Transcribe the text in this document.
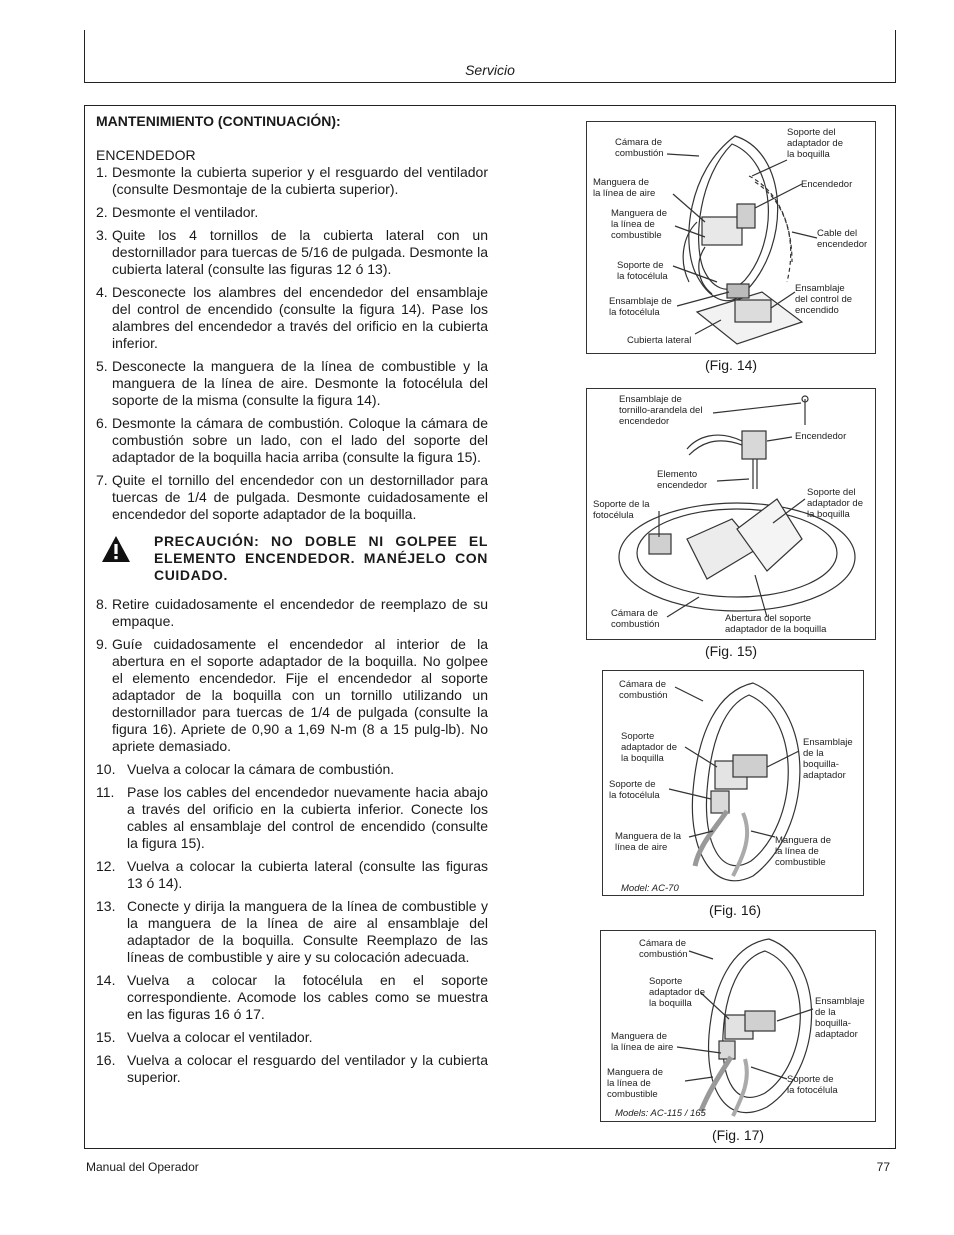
Servicio

MANTENIMIENTO (CONTINUACIÓN):

ENCENDEDOR

1. Desmonte la cubierta superior y el resguardo del ventilador (consulte Desmontaje de la cubierta superior).
2. Desmonte el ventilador.
3. Quite los 4 tornillos de la cubierta lateral con un destornillador para tuercas de 5/16 de pulgada. Desmonte la cubierta lateral (consulte las figuras 12 ó 13).
4. Desconecte los alambres del encendedor del ensamblaje del control de encendido (consulte la figura 14). Pase los alambres del encendedor a través del orificio en la cubierta inferior.
5. Desconecte la manguera de la línea de combustible y la manguera de la línea de aire. Desmonte la fotocélula del soporte de la misma (consulte la figura 14).
6. Desmonte la cámara de combustión. Coloque la cámara de combustión sobre un lado, con el lado del soporte del adaptador de la boquilla hacia arriba (consulte la figura 15).
7. Quite el tornillo del encendedor con un destornillador para tuercas de 1/4 de pulgada. Desmonte cuidadosamente el encendedor del soporte adaptador de la boquilla.
PRECAUCIÓN: NO DOBLE NI GOLPEE EL ELEMENTO ENCENDEDOR. MANÉJELO CON CUIDADO.
8. Retire cuidadosamente el encendedor de reemplazo de su empaque.
9. Guíe cuidadosamente el encendedor al interior de la abertura en el soporte adaptador de la boquilla. No golpee el elemento encendedor. Fije el encendedor al soporte adaptador de la boquilla con un tornillo utilizando un destornillador para tuercas de 1/4 de pulgada (consulte la figura 16). Apriete de 0,90 a 1,69 N-m (8 a 15 pulg-lb). No apriete demasiado.
10. Vuelva a colocar la cámara de combustión.
11. Pase los cables del encendedor nuevamente hacia abajo a través del orificio en la cubierta inferior. Conecte los cables al ensamblaje del control de encendido (consulte la figura 15).
12. Vuelva a colocar la cubierta lateral (consulte las figuras 13 ó 14).
13. Conecte y dirija la manguera de la línea de combustible y la manguera de la línea de aire al ensamblaje del adaptador de la boquilla. Consulte Reemplazo de las líneas de combustible y aire y su colocación adecuada.
14. Vuelva a colocar la fotocélula en el soporte correspondiente. Acomode los cables como se muestra en las figuras 16 ó 17.
15. Vuelva a colocar el ventilador.
16. Vuelva a colocar el resguardo del ventilador y la cubierta superior.
Cámara de
combustión
Soporte del
adaptador de
la boquilla
Manguera de
la línea de aire
Encendedor
Manguera de
la línea de
combustible	Cable del
encendedor
Soporte de
la fotocélula
Ensamblaje
del control de
encendido
Ensamblaje de
la fotocélula
Cubierta lateral
(Fig. 14)
Ensamblaje de
tornillo-arandela del
encendedor
Encendedor
Elemento
encendedor
Soporte del
adaptador de
la boquilla
Soporte de la
fotocélula
Cámara de
combustión
Abertura del soporte
adaptador de la boquilla
(Fig. 15)
Cámara de
combustión
Soporte
adaptador de
la boquilla
Ensamblaje
de la
boquilla-
adaptador
Soporte de
la fotocélula
Manguera de la
línea de aire
Manguera de
la línea de
combustible
Model: AC-70
(Fig. 16)
Cámara de
combustión
Soporte
adaptador de
la boquilla	Ensamblaje
de la
boquilla-
adaptador
Manguera de
la línea de aire
Manguera de
la línea de
combustible
Soporte de
la fotocélula
Models: AC-115 / 165
(Fig. 17)
Manual del Operador	77
